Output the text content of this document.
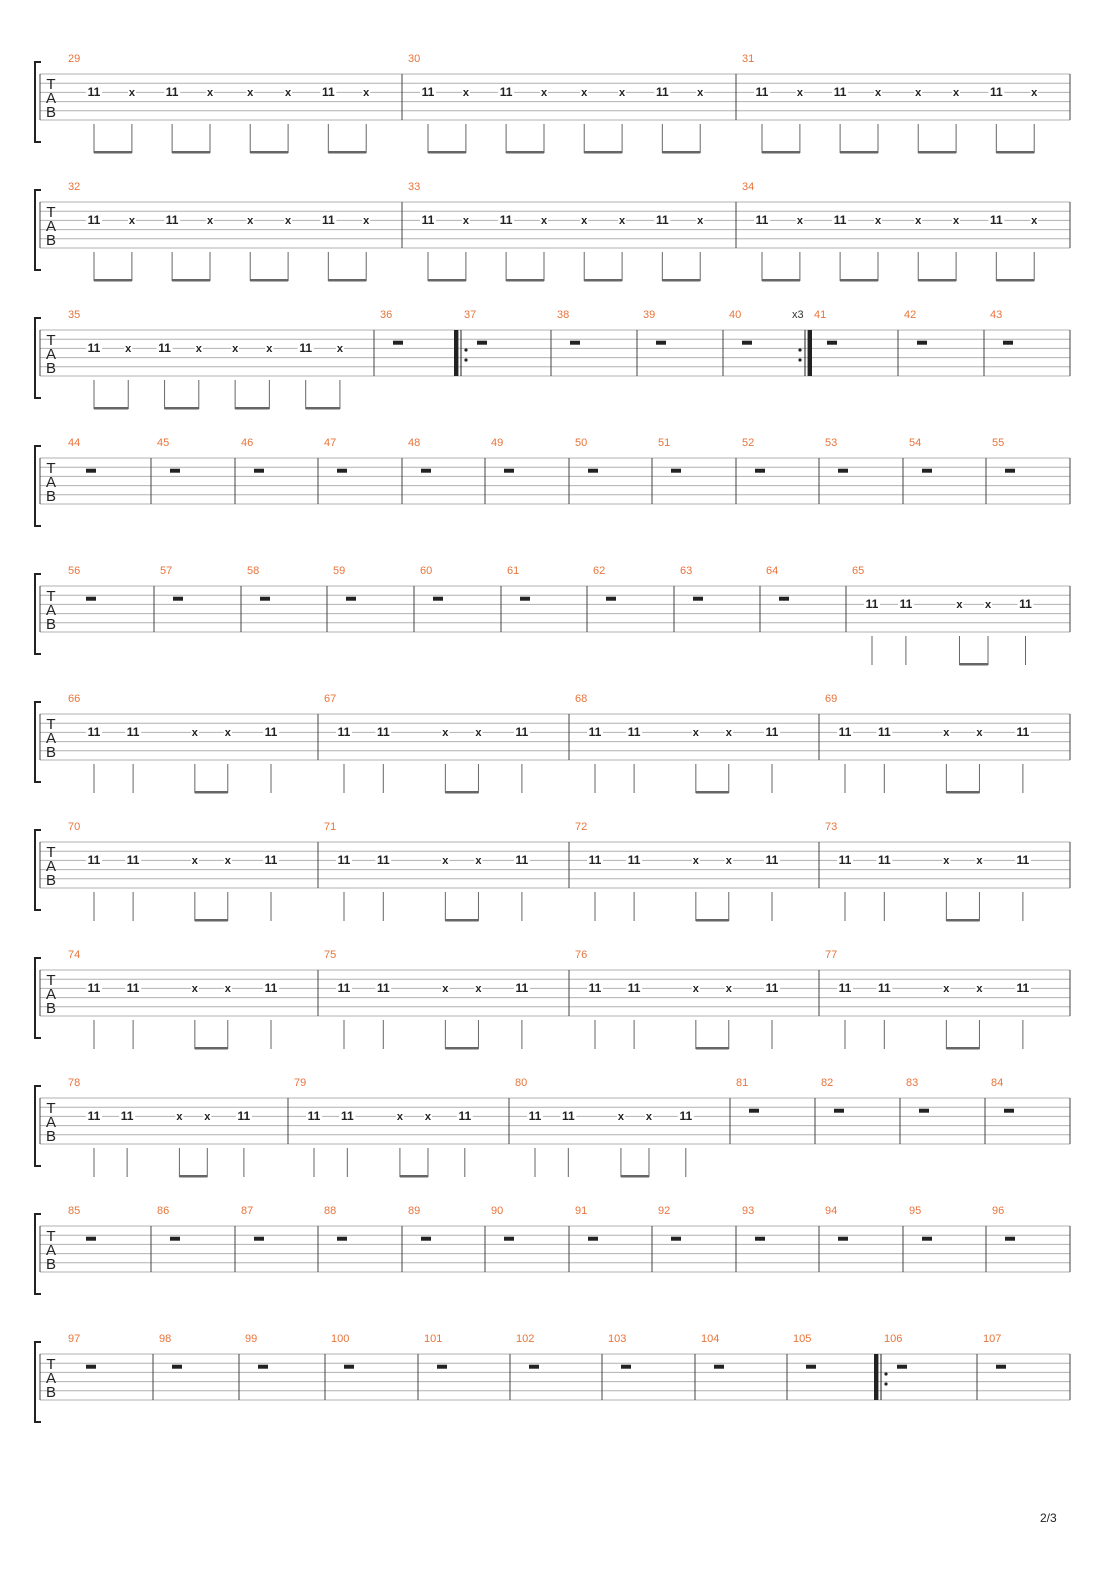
T
A
B
29
11	x	11	x	x	x	11	x
30
11	x	11	x	x	x	11	x
31
11	x	11	x	x	x	11	x
T
A
B
32
11	x	11	x	x	x	11	x
33
11	x	11	x	x	x	11	x
34
11	x	11	x	x	x	11	x
T
A
B
35
11 x 11 x	x	x 11 x
36	37	38	39	40	x3 41	42	43
T
A
B
44	45	46	47	48	49	50	51	52	53	54	55
T
A
B
56	57	58	59	60	61	62	63	64	65
11 11	x x 11
T
A
B
66
11 11	x x	11
67
11 11	x x	11
68
11 11	x x	11
69
11 11	x x	11
T
A
B
70
11 11	x x	11
71
11 11	x x	11
72
11 11	x x	11
73
11 11	x x	11
T
A
B
74
11 11	x x	11
75
11 11	x x	11
76
11 11	x x	11
77
11 11	x x	11
T
A
B
78
11 11	x x 11
79
11 11	x x 11
80
11 11	x x 11
81	82	83	84
T
A
B
85	86	87	88	89	90	91	92	93	94	95	96
T
A
B
97	98	99	100	101	102	103	104	105	106	107
2/3
